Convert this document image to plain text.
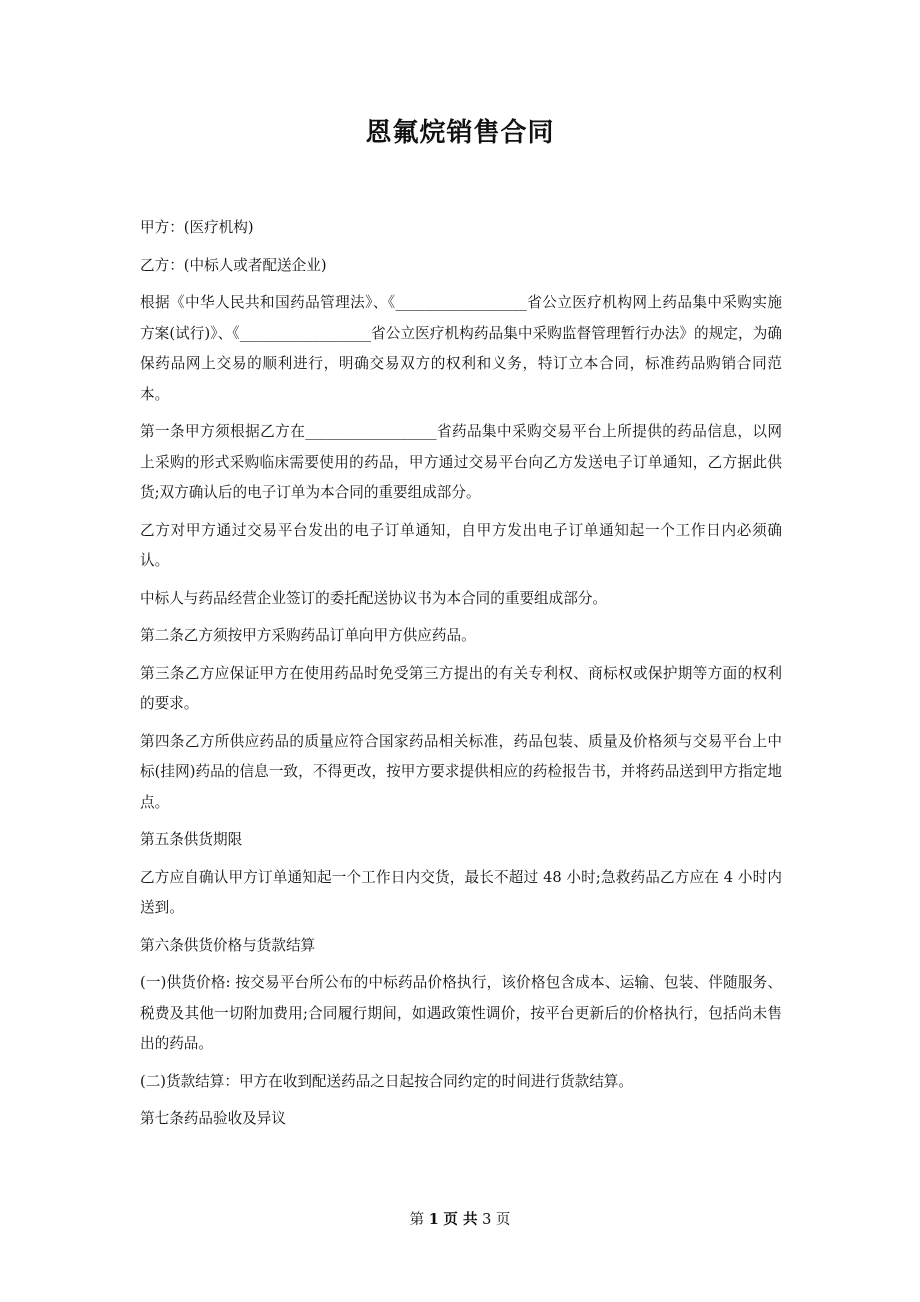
恩氟烷销售合同

甲方：(医疗机构)

乙方：(中标人或者配送企业)

根据《中华人民共和国药品管理法》、《__________________省公立医疗机构网上药品集中采购实施方案(试行)》、《__________________省公立医疗机构药品集中采购监督管理暂行办法》的规定，为确保药品网上交易的顺利进行，明确交易双方的权利和义务，特订立本合同，标准药品购销合同范本。

第一条甲方须根据乙方在__________________省药品集中采购交易平台上所提供的药品信息，以网上采购的形式采购临床需要使用的药品，甲方通过交易平台向乙方发送电子订单通知，乙方据此供货;双方确认后的电子订单为本合同的重要组成部分。

乙方对甲方通过交易平台发出的电子订单通知，自甲方发出电子订单通知起一个工作日内必须确认。

中标人与药品经营企业签订的委托配送协议书为本合同的重要组成部分。

第二条乙方须按甲方采购药品订单向甲方供应药品。

第三条乙方应保证甲方在使用药品时免受第三方提出的有关专利权、商标权或保护期等方面的权利的要求。

第四条乙方所供应药品的质量应符合国家药品相关标准，药品包装、质量及价格须与交易平台上中标(挂网)药品的信息一致，不得更改，按甲方要求提供相应的药检报告书，并将药品送到甲方指定地点。

第五条供货期限

乙方应自确认甲方订单通知起一个工作日内交货，最长不超过 48 小时;急救药品乙方应在 4 小时内送到。

第六条供货价格与货款结算

(一)供货价格: 按交易平台所公布的中标药品价格执行，该价格包含成本、运输、包装、伴随服务、税费及其他一切附加费用;合同履行期间，如遇政策性调价，按平台更新后的价格执行，包括尚未售出的药品。

(二)货款结算：甲方在收到配送药品之日起按合同约定的时间进行货款结算。

第七条药品验收及异议

第 1 页 共 3 页
